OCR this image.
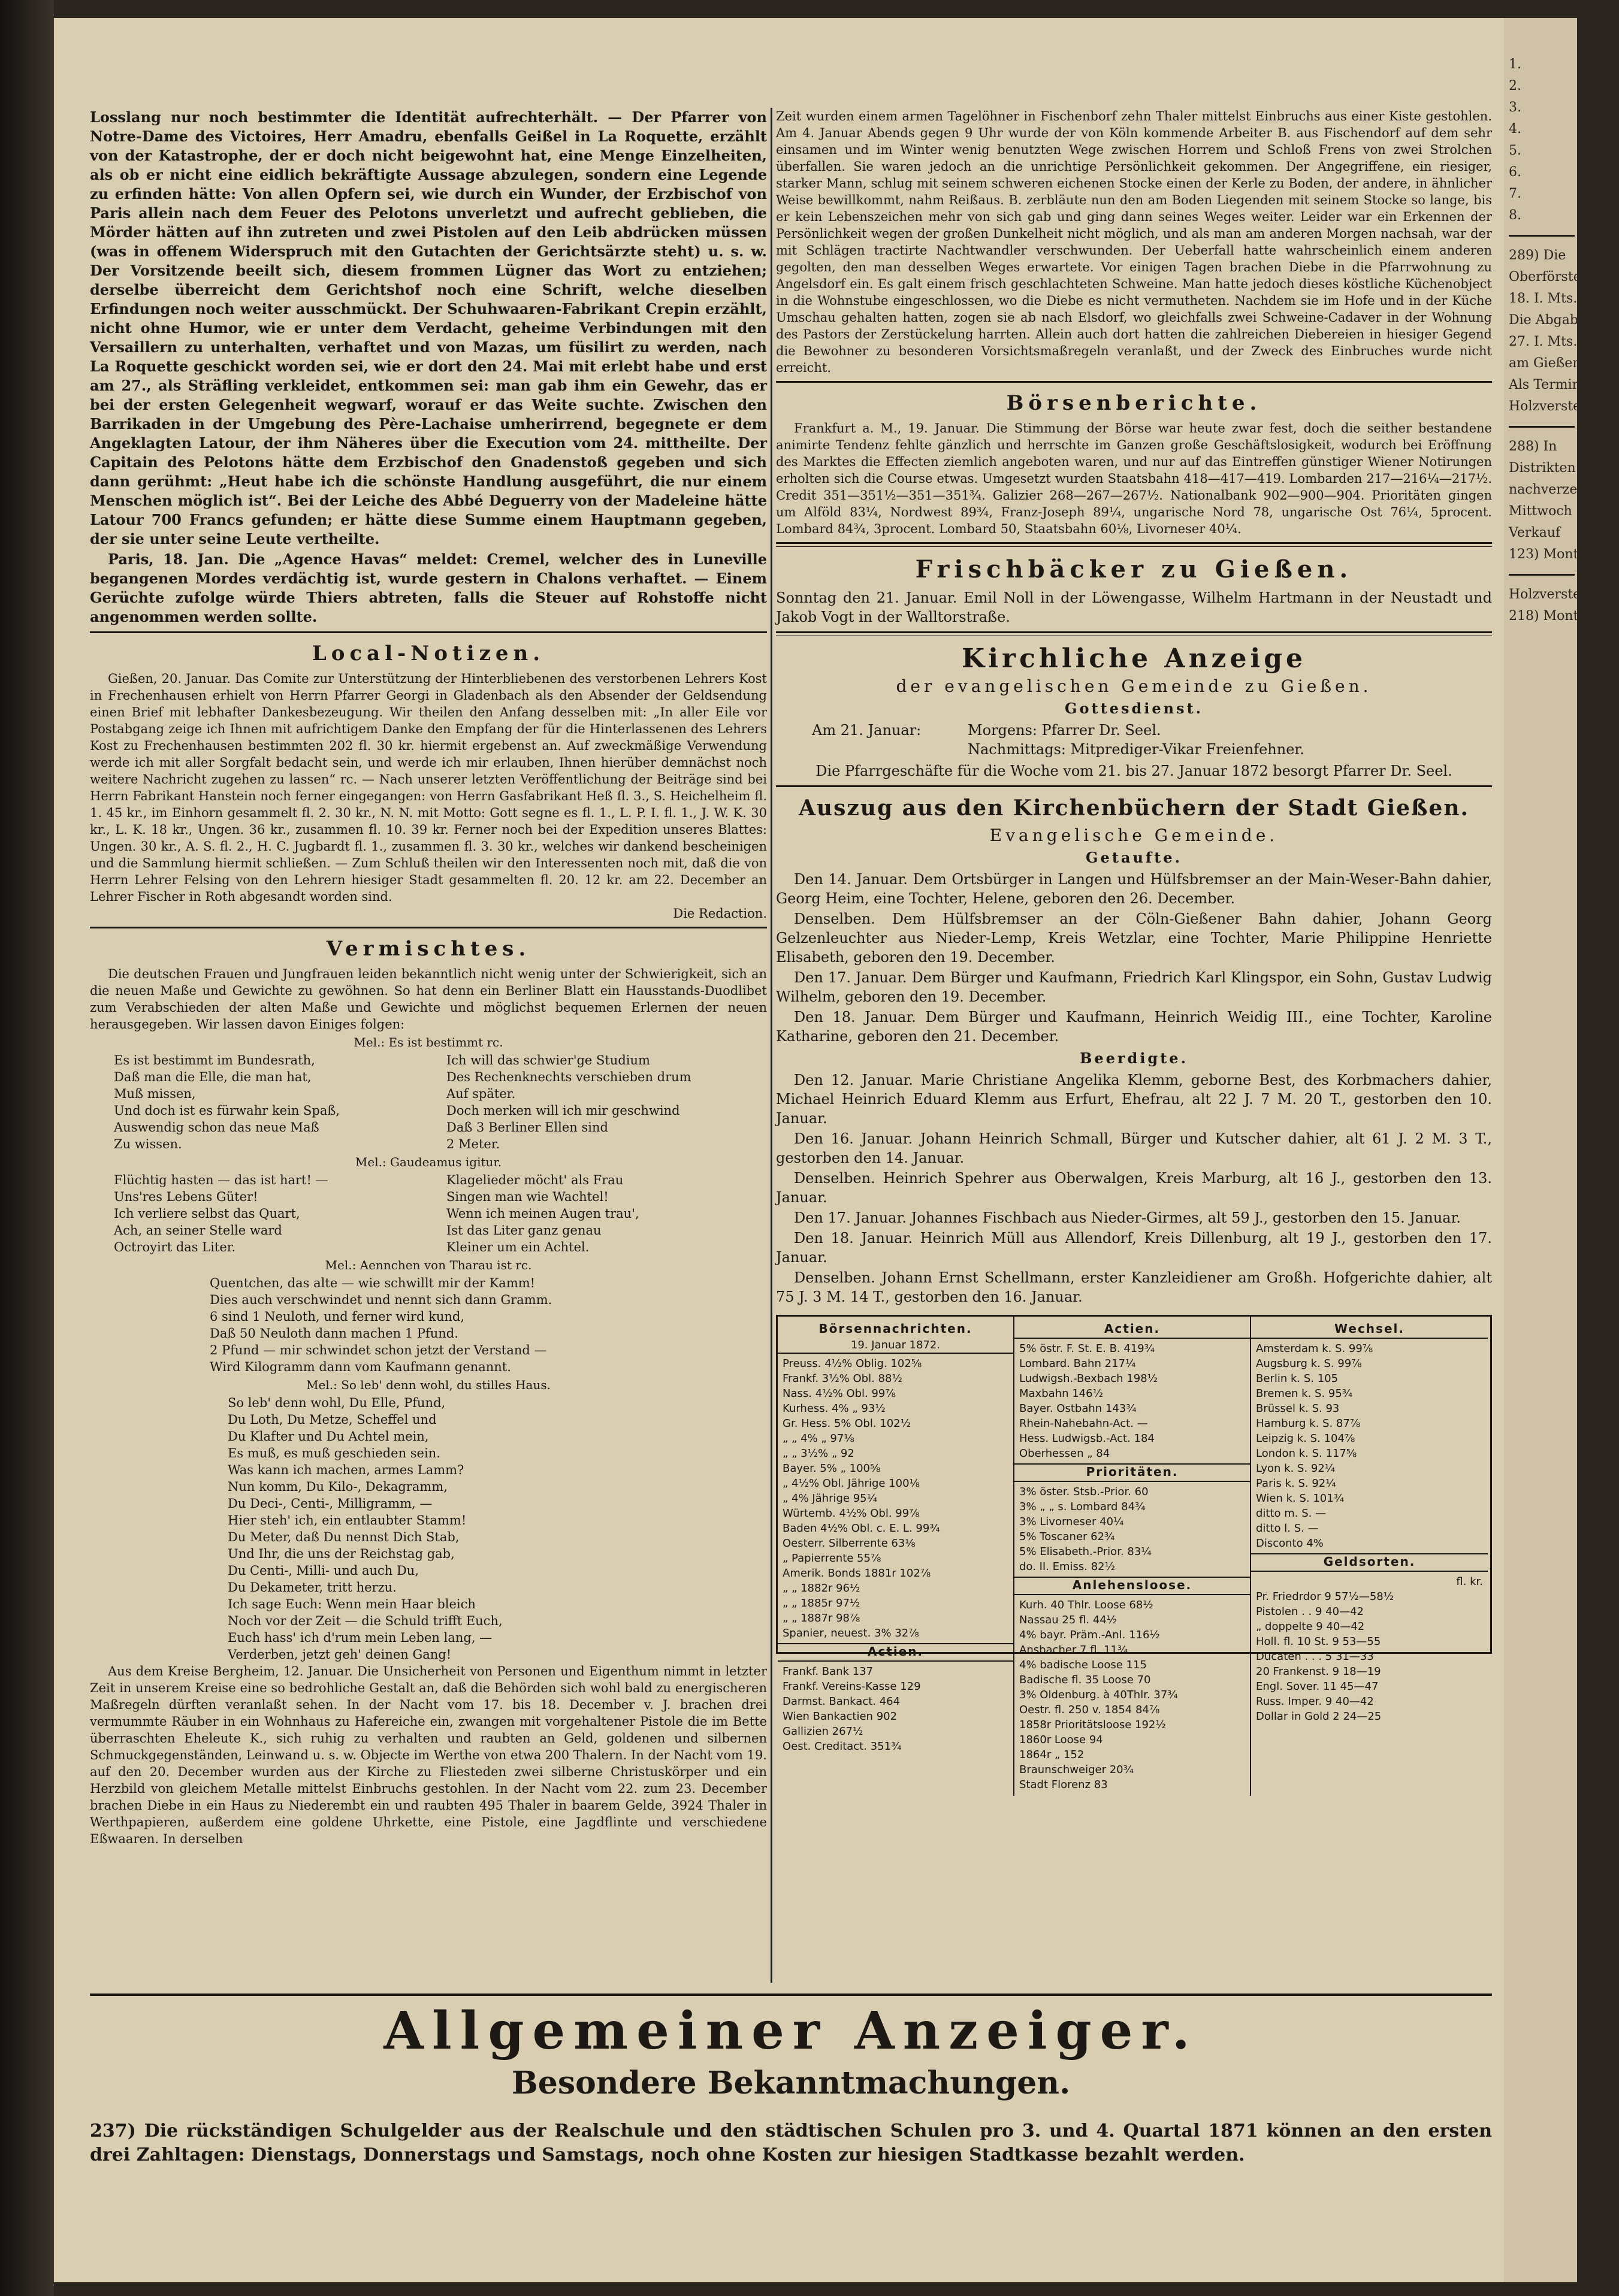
Losslang nur noch bestimmter die Identität aufrechterhält. — Der Pfarrer von Notre-Dame des Victoires, Herr Amadru, ebenfalls Geißel in La Roquette, erzählt von der Katastrophe, der er doch nicht beigewohnt hat, eine Menge Einzelheiten, als ob er nicht eine eidlich bekräftigte Aussage abzulegen, sondern eine Legende zu erfinden hätte: Von allen Opfern sei, wie durch ein Wunder, der Erzbischof von Paris allein nach dem Feuer des Pelotons unverletzt und aufrecht geblieben, die Mörder hätten auf ihn zutreten und zwei Pistolen auf den Leib abdrücken müssen (was in offenem Widerspruch mit den Gutachten der Gerichtsärzte steht) u. s. w. Der Vorsitzende beeilt sich, diesem frommen Lügner das Wort zu entziehen; derselbe überreicht dem Gerichtshof noch eine Schrift, welche dieselben Erfindungen noch weiter ausschmückt. Der Schuhwaaren-Fabrikant Crepin erzählt, nicht ohne Humor, wie er unter dem Verdacht, geheime Verbindungen mit den Versaillern zu unterhalten, verhaftet und von Mazas, um füsilirt zu werden, nach La Roquette geschickt worden sei, wie er dort den 24. Mai mit erlebt habe und erst am 27., als Sträfling verkleidet, entkommen sei: man gab ihm ein Gewehr, das er bei der ersten Gelegenheit wegwarf, worauf er das Weite suchte. Zwischen den Barrikaden in der Umgebung des Père-Lachaise umherirrend, begegnete er dem Angeklagten Latour, der ihm Näheres über die Execution vom 24. mittheilte. Der Capitain des Pelotons hätte dem Erzbischof den Gnadenstoß gegeben und sich dann gerühmt: „Heut habe ich die schönste Handlung ausgeführt, die nur einem Menschen möglich ist“. Bei der Leiche des Abbé Deguerry von der Madeleine hätte Latour 700 Francs gefunden; er hätte diese Summe einem Hauptmann gegeben, der sie unter seine Leute vertheilte.

Paris, 18. Jan. Die „Agence Havas“ meldet: Cremel, welcher des in Luneville begangenen Mordes verdächtig ist, wurde gestern in Chalons verhaftet. — Einem Gerüchte zufolge würde Thiers abtreten, falls die Steuer auf Rohstoffe nicht angenommen werden sollte.

Local-Notizen.

Gießen, 20. Januar. Das Comite zur Unterstützung der Hinterbliebenen des verstorbenen Lehrers Kost in Frechenhausen erhielt von Herrn Pfarrer Georgi in Gladenbach als den Absender der Geldsendung einen Brief mit lebhafter Dankesbezeugung. Wir theilen den Anfang desselben mit: „In aller Eile vor Postabgang zeige ich Ihnen mit aufrichtigem Danke den Empfang der für die Hinterlassenen des Lehrers Kost zu Frechenhausen bestimmten 202 fl. 30 kr. hiermit ergebenst an. Auf zweckmäßige Verwendung werde ich mit aller Sorgfalt bedacht sein, und werde ich mir erlauben, Ihnen hierüber demnächst noch weitere Nachricht zugehen zu lassen“ rc. — Nach unserer letzten Veröffentlichung der Beiträge sind bei Herrn Fabrikant Hanstein noch ferner eingegangen: von Herrn Gasfabrikant Heß fl. 3., S. Heichelheim fl. 1. 45 kr., im Einhorn gesammelt fl. 2. 30 kr., N. N. mit Motto: Gott segne es fl. 1., L. P. I. fl. 1., J. W. K. 30 kr., L. K. 18 kr., Ungen. 36 kr., zusammen fl. 10. 39 kr. Ferner noch bei der Expedition unseres Blattes: Ungen. 30 kr., A. S. fl. 2., H. C. Jugbardt fl. 1., zusammen fl. 3. 30 kr., welches wir dankend bescheinigen und die Sammlung hiermit schließen. — Zum Schluß theilen wir den Interessenten noch mit, daß die von Herrn Lehrer Felsing von den Lehrern hiesiger Stadt gesammelten fl. 20. 12 kr. am 22. December an Lehrer Fischer in Roth abgesandt worden sind.

Die Redaction.

Vermischtes.

Die deutschen Frauen und Jungfrauen leiden bekanntlich nicht wenig unter der Schwierigkeit, sich an die neuen Maße und Gewichte zu gewöhnen. So hat denn ein Berliner Blatt ein Hausstands-Duodlibet zum Verabschieden der alten Maße und Gewichte und möglichst bequemen Erlernen der neuen herausgegeben. Wir lassen davon Einiges folgen:

Mel.: Es ist bestimmt rc.
Es ist bestimmt im Bundesrath,
Daß man die Elle, die man hat,
Muß missen,
Und doch ist es fürwahr kein Spaß,
Auswendig schon das neue Maß
Zu wissen.
Ich will das schwier'ge Studium
Des Rechenknechts verschieben drum
Auf später.
Doch merken will ich mir geschwind
Daß 3 Berliner Ellen sind
2 Meter.
Mel.: Gaudeamus igitur.
Flüchtig hasten — das ist hart! —
Uns'res Lebens Güter!
Ich verliere selbst das Quart,
Ach, an seiner Stelle ward
Octroyirt das Liter.
Klagelieder möcht' als Frau
Singen man wie Wachtel!
Wenn ich meinen Augen trau',
Ist das Liter ganz genau
Kleiner um ein Achtel.
Mel.: Aennchen von Tharau ist rc.
Quentchen, das alte — wie schwillt mir der Kamm!
Dies auch verschwindet und nennt sich dann Gramm.
6 sind 1 Neuloth, und ferner wird kund,
Daß 50 Neuloth dann machen 1 Pfund.
2 Pfund — mir schwindet schon jetzt der Verstand —
Wird Kilogramm dann vom Kaufmann genannt.
Mel.: So leb' denn wohl, du stilles Haus.
So leb' denn wohl, Du Elle, Pfund,
Du Loth, Du Metze, Scheffel und
Du Klafter und Du Achtel mein,
Es muß, es muß geschieden sein.
Was kann ich machen, armes Lamm?
Nun komm, Du Kilo-, Dekagramm,
Du Deci-, Centi-, Milligramm, —
Hier steh' ich, ein entlaubter Stamm!
Du Meter, daß Du nennst Dich Stab,
Und Ihr, die uns der Reichstag gab,
Du Centi-, Milli- und auch Du,
Du Dekameter, tritt herzu.
Ich sage Euch: Wenn mein Haar bleich
Noch vor der Zeit — die Schuld trifft Euch,
Euch hass' ich d'rum mein Leben lang, —
Verderben, jetzt geh' deinen Gang!

Aus dem Kreise Bergheim, 12. Januar. Die Unsicherheit von Personen und Eigenthum nimmt in letzter Zeit in unserem Kreise eine so bedrohliche Gestalt an, daß die Behörden sich wohl bald zu energischeren Maßregeln dürften veranlaßt sehen. In der Nacht vom 17. bis 18. December v. J. brachen drei vermummte Räuber in ein Wohnhaus zu Hafereiche ein, zwangen mit vorgehaltener Pistole die im Bette überraschten Eheleute K., sich ruhig zu verhalten und raubten an Geld, goldenen und silbernen Schmuckgegenständen, Leinwand u. s. w. Objecte im Werthe von etwa 200 Thalern. In der Nacht vom 19. auf den 20. December wurden aus der Kirche zu Fliesteden zwei silberne Christuskörper und ein Herzbild von gleichem Metalle mittelst Einbruchs gestohlen. In der Nacht vom 22. zum 23. December brachen Diebe in ein Haus zu Niederembt ein und raubten 495 Thaler in baarem Gelde, 3924 Thaler in Werthpapieren, außerdem eine goldene Uhrkette, eine Pistole, eine Jagdflinte und verschiedene Eßwaaren. In derselben

Zeit wurden einem armen Tagelöhner in Fischenborf zehn Thaler mittelst Einbruchs aus einer Kiste gestohlen. Am 4. Januar Abends gegen 9 Uhr wurde der von Köln kommende Arbeiter B. aus Fischendorf auf dem sehr einsamen und im Winter wenig benutzten Wege zwischen Horrem und Schloß Frens von zwei Strolchen überfallen. Sie waren jedoch an die unrichtige Persönlichkeit gekommen. Der Angegriffene, ein riesiger, starker Mann, schlug mit seinem schweren eichenen Stocke einen der Kerle zu Boden, der andere, in ähnlicher Weise bewillkommt, nahm Reißaus. B. zerbläute nun den am Boden Liegenden mit seinem Stocke so lange, bis er kein Lebenszeichen mehr von sich gab und ging dann seines Weges weiter. Leider war ein Erkennen der Persönlichkeit wegen der großen Dunkelheit nicht möglich, und als man am anderen Morgen nachsah, war der mit Schlägen tractirte Nachtwandler verschwunden. Der Ueberfall hatte wahrscheinlich einem anderen gegolten, den man desselben Weges erwartete. Vor einigen Tagen brachen Diebe in die Pfarrwohnung zu Angelsdorf ein. Es galt einem frisch geschlachteten Schweine. Man hatte jedoch dieses köstliche Küchenobject in die Wohnstube eingeschlossen, wo die Diebe es nicht vermutheten. Nachdem sie im Hofe und in der Küche Umschau gehalten hatten, zogen sie ab nach Elsdorf, wo gleichfalls zwei Schweine-Cadaver in der Wohnung des Pastors der Zerstückelung harrten. Allein auch dort hatten die zahlreichen Diebereien in hiesiger Gegend die Bewohner zu besonderen Vorsichtsmaßregeln veranlaßt, und der Zweck des Einbruches wurde nicht erreicht.

Börsenberichte.

Frankfurt a. M., 19. Januar. Die Stimmung der Börse war heute zwar fest, doch die seither bestandene animirte Tendenz fehlte gänzlich und herrschte im Ganzen große Geschäftslosigkeit, wodurch bei Eröffnung des Marktes die Effecten ziemlich angeboten waren, und nur auf das Eintreffen günstiger Wiener Notirungen erholten sich die Course etwas. Umgesetzt wurden Staatsbahn 418—417—419. Lombarden 217—216¼—217½. Credit 351—351½—351—351¾. Galizier 268—267—267½. Nationalbank 902—900—904. Prioritäten gingen um Alföld 83¼, Nordwest 89¾, Franz-Joseph 89¼, ungarische Nord 78, ungarische Ost 76¼, 5procent. Lombard 84¾, 3procent. Lombard 50, Staatsbahn 60⅛, Livorneser 40¼.

Frischbäcker zu Gießen.

Sonntag den 21. Januar. Emil Noll in der Löwengasse, Wilhelm Hartmann in der Neustadt und Jakob Vogt in der Walltorstraße.

Kirchliche Anzeige
der evangelischen Gemeinde zu Gießen.
Gottesdienst.
Am 21. Januar:	Morgens: Pfarrer Dr. Seel.
Nachmittags: Mitprediger-Vikar Freienfehner.

Die Pfarrgeschäfte für die Woche vom 21. bis 27. Januar 1872 besorgt Pfarrer Dr. Seel.

Auszug aus den Kirchenbüchern der Stadt Gießen.
Evangelische Gemeinde.
Getaufte.

Den 14. Januar. Dem Ortsbürger in Langen und Hülfsbremser an der Main-Weser-Bahn dahier, Georg Heim, eine Tochter, Helene, geboren den 26. December.

Denselben. Dem Hülfsbremser an der Cöln-Gießener Bahn dahier, Johann Georg Gelzenleuchter aus Nieder-Lemp, Kreis Wetzlar, eine Tochter, Marie Philippine Henriette Elisabeth, geboren den 19. December.

Den 17. Januar. Dem Bürger und Kaufmann, Friedrich Karl Klingspor, ein Sohn, Gustav Ludwig Wilhelm, geboren den 19. December.

Den 18. Januar. Dem Bürger und Kaufmann, Heinrich Weidig III., eine Tochter, Karoline Katharine, geboren den 21. December.

Beerdigte.

Den 12. Januar. Marie Christiane Angelika Klemm, geborne Best, des Korbmachers dahier, Michael Heinrich Eduard Klemm aus Erfurt, Ehefrau, alt 22 J. 7 M. 20 T., gestorben den 10. Januar.

Den 16. Januar. Johann Heinrich Schmall, Bürger und Kutscher dahier, alt 61 J. 2 M. 3 T., gestorben den 14. Januar.

Denselben. Heinrich Spehrer aus Oberwalgen, Kreis Marburg, alt 16 J., gestorben den 13. Januar.

Den 17. Januar. Johannes Fischbach aus Nieder-Girmes, alt 59 J., gestorben den 15. Januar.

Den 18. Januar. Heinrich Müll aus Allendorf, Kreis Dillenburg, alt 19 J., gestorben den 17. Januar.

Denselben. Johann Ernst Schellmann, erster Kanzleidiener am Großh. Hofgerichte dahier, alt 75 J. 3 M. 14 T., gestorben den 16. Januar.

Börsennachrichten.
19. Januar 1872.
Preuss. 4½% Oblig. 102⅝
Frankf. 3½% Obl. 88½
Nass. 4½% Obl. 99⅞
Kurhess. 4% „ 93½
Gr. Hess. 5% Obl. 102½
„ „ 4% „ 97⅛
„ „ 3½% „ 92
Bayer. 5% „ 100⅝
„ 4½% Obl. Jährige 100⅛
„ 4% Jährige 95¼
Würtemb. 4½% Obl. 99⅞
Baden 4½% Obl. c. E. L. 99¾
Oesterr. Silberrente 63⅛
„ Papierrente 55⅞
Amerik. Bonds 1881r 102⅞
„ „ 1882r 96½
„ „ 1885r 97½
„ „ 1887r 98⅞
Spanier, neuest. 3% 32⅞
Actien.
Frankf. Bank 137
Frankf. Vereins-Kasse 129
Darmst. Bankact. 464
Wien Bankactien 902
Gallizien 267½
Oest. Creditact. 351¾
Actien.
5% östr. F. St. E. B. 419¾
Lombard. Bahn 217¼
Ludwigsh.-Bexbach 198½
Maxbahn 146½
Bayer. Ostbahn 143¾
Rhein-Nahebahn-Act. —
Hess. Ludwigsb.-Act. 184
Oberhessen „ 84
Prioritäten.
3% öster. Stsb.-Prior. 60
3% „ „ s. Lombard 84¾
3% Livorneser 40¼
5% Toscaner 62¾
5% Elisabeth.-Prior. 83¼
do. II. Emiss. 82½
Anlehensloose.
Kurh. 40 Thlr. Loose 68½
Nassau 25 fl. 44½
4% bayr. Präm.-Anl. 116½
Ansbacher 7 fl. 11¾
4% badische Loose 115
Badische fl. 35 Loose 70
3% Oldenburg. à 40Thlr. 37¾
Oestr. fl. 250 v. 1854 84⅞
1858r Prioritätsloose 192½
1860r Loose 94
1864r „ 152
Braunschweiger 20¾
Stadt Florenz 83
Wechsel.
Amsterdam k. S. 99⅞
Augsburg k. S. 99⅞
Berlin k. S. 105
Bremen k. S. 95¾
Brüssel k. S. 93
Hamburg k. S. 87⅞
Leipzig k. S. 104⅞
London k. S. 117⅝
Lyon k. S. 92¼
Paris k. S. 92¼
Wien k. S. 101¾
ditto m. S. —
ditto l. S. —
Disconto 4%
Geldsorten.
fl. kr.
Pr. Friedrdor 9 57½—58½
Pistolen . . 9 40—42
„ doppelte 9 40—42
Holl. fl. 10 St. 9 53—55
Ducaten . . . 5 31—33
20 Frankenst. 9 18—19
Engl. Sover. 11 45—47
Russ. Imper. 9 40—42
Dollar in Gold 2 24—25
Allgemeiner Anzeiger.
Besondere Bekanntmachungen.

237) Die rückständigen Schulgelder aus der Realschule und den städtischen Schulen pro 3. und 4. Quartal 1871 können an den ersten drei Zahltagen: Dienstags, Donnerstags und Samstags, noch ohne Kosten zur hiesigen Stadtkasse bezahlt werden.

1.
2.
3.
4.
5.
6.
7.
8.
289) Die
Oberförsterei
18. I. Mts. in
Die Abgabe
27. I. Mts. am
am Gießen
Als Termin
Holzversteig.
288) In
Distrikten
nachverzeichnet
Mittwoch
Verkauf
123) Montag
Holzversteig.
218) Montag
